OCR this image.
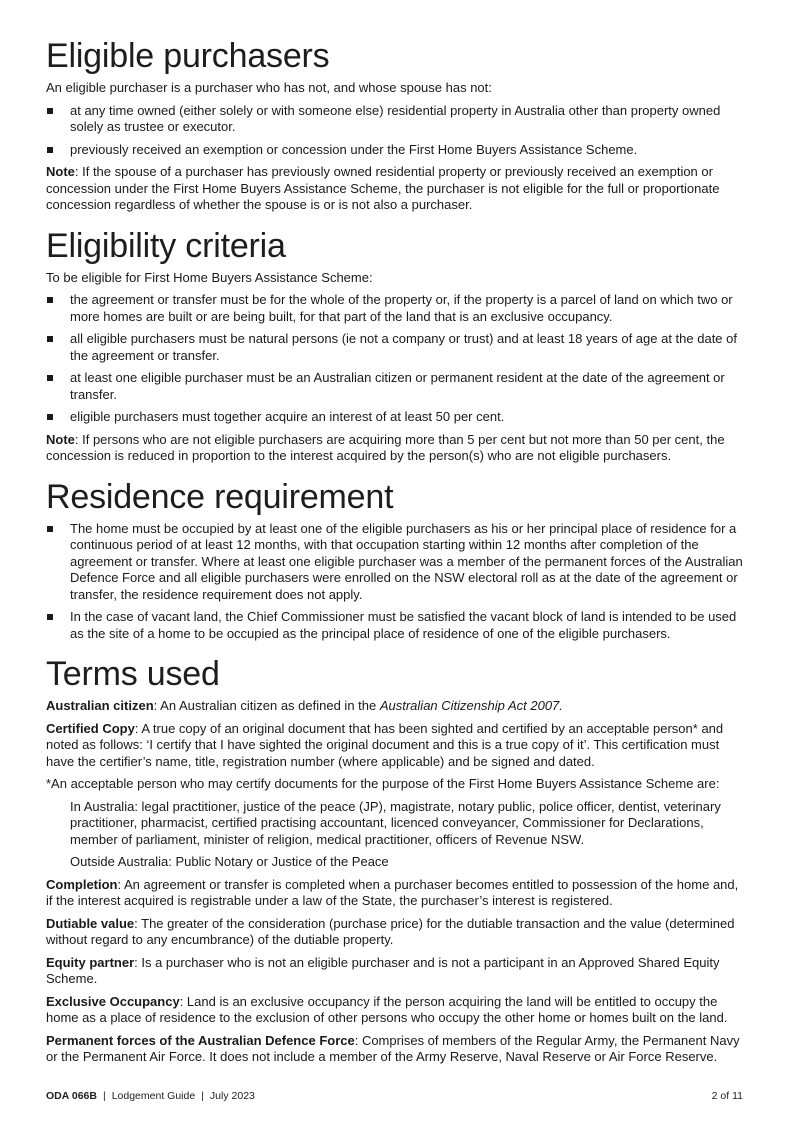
Eligible purchasers

An eligible purchaser is a purchaser who has not, and whose spouse has not:

at any time owned (either solely or with someone else) residential property in Australia other than property owned solely as trustee or executor.
previously received an exemption or concession under the First Home Buyers Assistance Scheme.

Note: If the spouse of a purchaser has previously owned residential property or previously received an exemption or concession under the First Home Buyers Assistance Scheme, the purchaser is not eligible for the full or proportionate concession regardless of whether the spouse is or is not also a purchaser.

Eligibility criteria

To be eligible for First Home Buyers Assistance Scheme:

the agreement or transfer must be for the whole of the property or, if the property is a parcel of land on which two or more homes are built or are being built, for that part of the land that is an exclusive occupancy.
all eligible purchasers must be natural persons (ie not a company or trust) and at least 18 years of age at the date of the agreement or transfer.
at least one eligible purchaser must be an Australian citizen or permanent resident at the date of the agreement or transfer.
eligible purchasers must together acquire an interest of at least 50 per cent.

Note: If persons who are not eligible purchasers are acquiring more than 5 per cent but not more than 50 per cent, the concession is reduced in proportion to the interest acquired by the person(s) who are not eligible purchasers.

Residence requirement
The home must be occupied by at least one of the eligible purchasers as his or her principal place of residence for a continuous period of at least 12 months, with that occupation starting within 12 months after completion of the agreement or transfer. Where at least one eligible purchaser was a member of the permanent forces of the Australian Defence Force and all eligible purchasers were enrolled on the NSW electoral roll as at the date of the agreement or transfer, the residence requirement does not apply.
In the case of vacant land, the Chief Commissioner must be satisfied the vacant block of land is intended to be used as the site of a home to be occupied as the principal place of residence of one of the eligible purchasers.
Terms used

Australian citizen: An Australian citizen as defined in the Australian Citizenship Act 2007.

Certified Copy: A true copy of an original document that has been sighted and certified by an acceptable person* and noted as follows: ‘I certify that I have sighted the original document and this is a true copy of it’. This certification must have the certifier’s name, title, registration number (where applicable) and be signed and dated.

*An acceptable person who may certify documents for the purpose of the First Home Buyers Assistance Scheme are:

In Australia: legal practitioner, justice of the peace (JP), magistrate, notary public, police officer, dentist, veterinary practitioner, pharmacist, certified practising accountant, licenced conveyancer, Commissioner for Declarations, member of parliament, minister of religion, medical practitioner, officers of Revenue NSW.

Outside Australia: Public Notary or Justice of the Peace

Completion: An agreement or transfer is completed when a purchaser becomes entitled to possession of the home and, if the interest acquired is registrable under a law of the State, the purchaser’s interest is registered.

Dutiable value: The greater of the consideration (purchase price) for the dutiable transaction and the value (determined without regard to any encumbrance) of the dutiable property.

Equity partner: Is a purchaser who is not an eligible purchaser and is not a participant in an Approved Shared Equity Scheme.

Exclusive Occupancy: Land is an exclusive occupancy if the person acquiring the land will be entitled to occupy the home as a place of residence to the exclusion of other persons who occupy the other home or homes built on the land.

Permanent forces of the Australian Defence Force: Comprises of members of the Regular Army, the Permanent Navy or the Permanent Air Force. It does not include a member of the Army Reserve, Naval Reserve or Air Force Reserve.

ODA 066B | Lodgement Guide | July 2023	2 of 11
